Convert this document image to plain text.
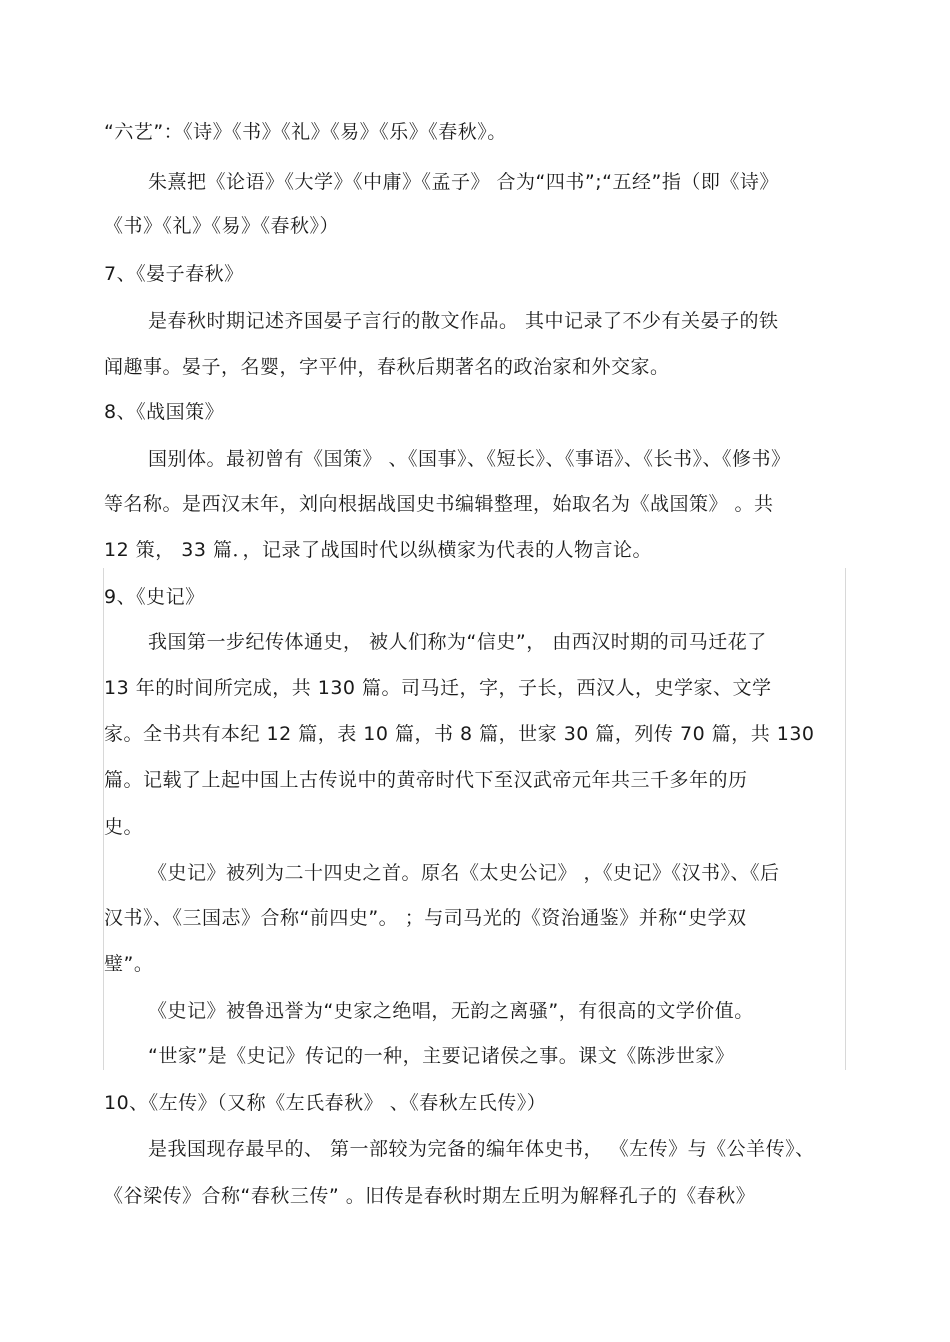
“六艺”：《诗》《书》《礼》《易》《乐》《春秋》。
朱熹把《论语》《大学》《中庸》《孟子》 合为“四书”;“五经”指（即《诗》
《书》《礼》《易》《春秋》）
7、《晏子春秋》
是春秋时期记述齐国晏子言行的散文作品。 其中记录了不少有关晏子的铁
闻趣事。晏子，名婴，字平仲，春秋后期著名的政治家和外交家。
8、《战国策》
国别体。最初曾有《国策》 、《国事》、《短长》、《事语》、《长书》、《修书》
等名称。是西汉末年，刘向根据战国史书编辑整理，始取名为《战国策》 。共
12 策， 33 篇．，记录了战国时代以纵横家为代表的人物言论。
9、《史记》
我国第一步纪传体通史， 被人们称为“信史”， 由西汉时期的司马迁花了
13 年的时间所完成，共 130 篇。司马迁，字，子长，西汉人，史学家、文学
家。全书共有本纪 12 篇，表 10 篇，书 8 篇，世家 30 篇，列传 70 篇，共 130
篇。记载了上起中国上古传说中的黄帝时代下至汉武帝元年共三千多年的历
史。
《史记》被列为二十四史之首。原名《太史公记》 ，《史记》《汉书》、《后
汉书》、《三国志》合称“前四史”。 ；与司马光的《资治通鉴》并称“史学双
璧”。
《史记》被鲁迅誉为“史家之绝唱，无韵之离骚”，有很高的文学价值。
“世家”是《史记》传记的一种，主要记诸侯之事。课文《陈涉世家》
10、《左传》（又称《左氏春秋》 、《春秋左氏传》）
是我国现存最早的、 第一部较为完备的编年体史书， 《左传》与《公羊传》、
《谷梁传》合称“春秋三传” 。旧传是春秋时期左丘明为解释孔子的《春秋》
